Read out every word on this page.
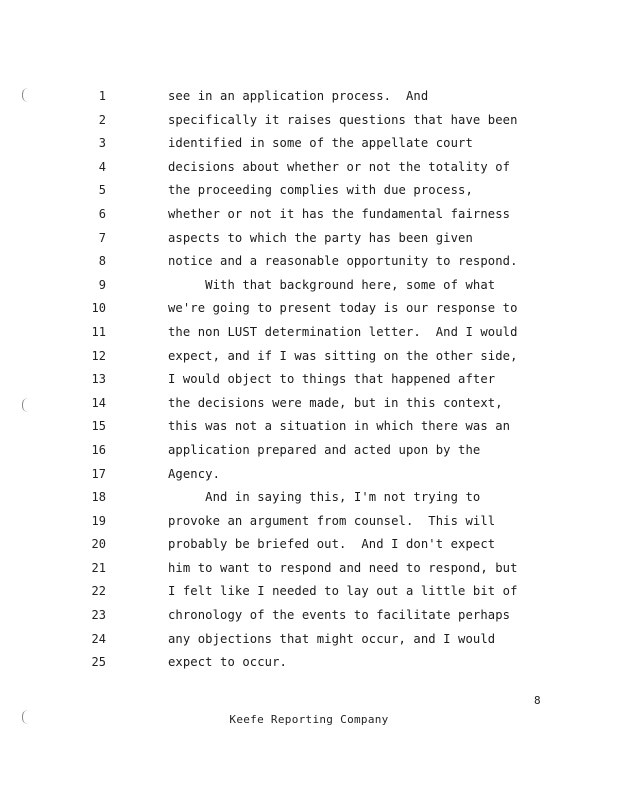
1	see in an application process.  And
2	specifically it raises questions that have been
3	identified in some of the appellate court
4	decisions about whether or not the totality of
5	the proceeding complies with due process,
6	whether or not it has the fundamental fairness
7	aspects to which the party has been given
8	notice and a reasonable opportunity to respond.
9	With that background here, some of what
10	we're going to present today is our response to
11	the non LUST determination letter.  And I would
12	expect, and if I was sitting on the other side,
13	I would object to things that happened after
14	the decisions were made, but in this context,
15	this was not a situation in which there was an
16	application prepared and acted upon by the
17	Agency.
18	And in saying this, I'm not trying to
19	provoke an argument from counsel.  This will
20	probably be briefed out.  And I don't expect
21	him to want to respond and need to respond, but
22	I felt like I needed to lay out a little bit of
23	chronology of the events to facilitate perhaps
24	any objections that might occur, and I would
25	expect to occur.
8
Keefe Reporting Company
